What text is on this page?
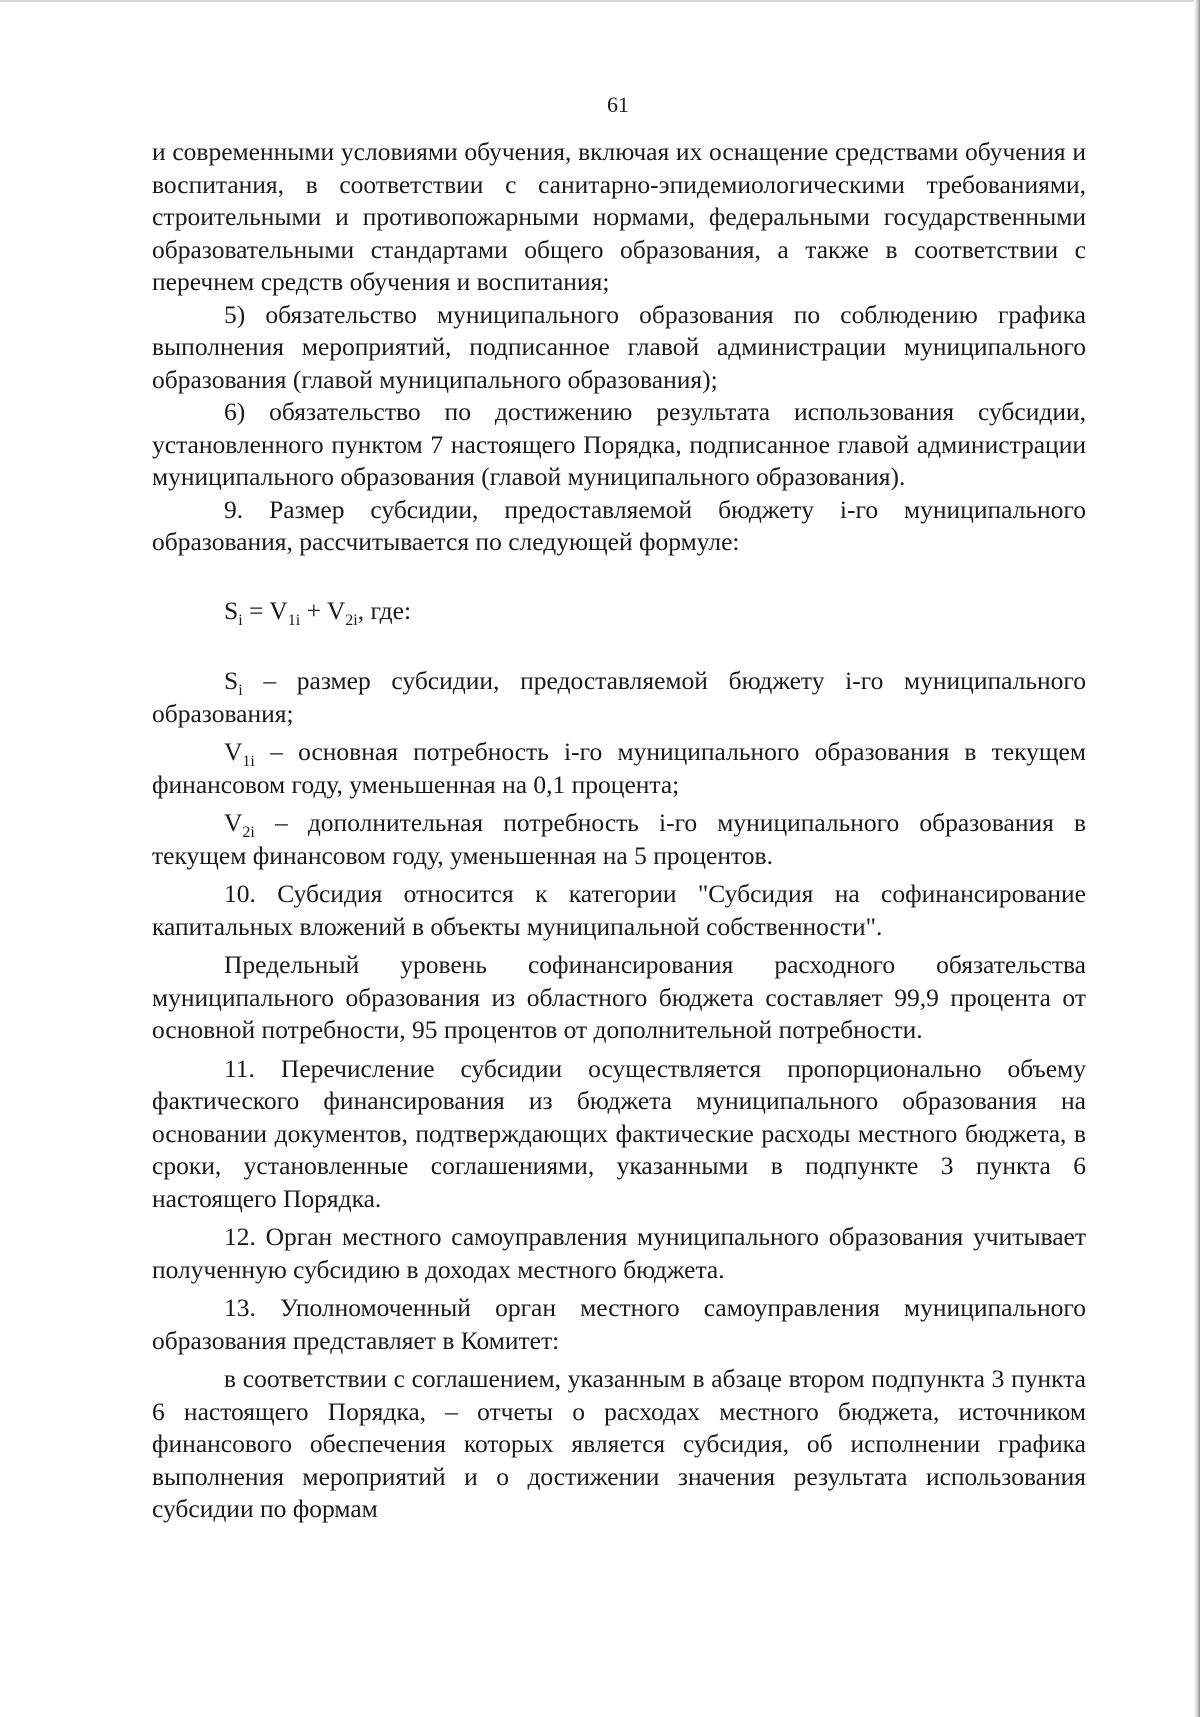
61

и современными условиями обучения, включая их оснащение средствами обучения и воспитания, в соответствии с санитарно-эпидемиологическими требованиями, строительными и противопожарными нормами, федеральными государственными образовательными стандартами общего образования, а также в соответствии с перечнем средств обучения и воспитания;

5) обязательство муниципального образования по соблюдению графика выполнения мероприятий, подписанное главой администрации муниципального образования (главой муниципального образования);

6) обязательство по достижению результата использования субсидии, установленного пунктом 7 настоящего Порядка, подписанное главой администрации муниципального образования (главой муниципального образования).

9. Размер субсидии, предоставляемой бюджету i-го муниципального образования, рассчитывается по следующей формуле:

$S_i = V_{1i} + V_{2i}$, где:

$S_i$ – размер субсидии, предоставляемой бюджету i-го муниципального образования;

$V_{1i}$ – основная потребность i-го муниципального образования в текущем финансовом году, уменьшенная на 0,1 процента;

$V_{2i}$ – дополнительная потребность i-го муниципального образования в текущем финансовом году, уменьшенная на 5 процентов.

10. Субсидия относится к категории "Субсидия на софинансирование капитальных вложений в объекты муниципальной собственности".

Предельный уровень софинансирования расходного обязательства муниципального образования из областного бюджета составляет 99,9 процента от основной потребности, 95 процентов от дополнительной потребности.

11. Перечисление субсидии осуществляется пропорционально объему фактического финансирования из бюджета муниципального образования на основании документов, подтверждающих фактические расходы местного бюджета, в сроки, установленные соглашениями, указанными в подпункте 3 пункта 6 настоящего Порядка.

12. Орган местного самоуправления муниципального образования учитывает полученную субсидию в доходах местного бюджета.

13. Уполномоченный орган местного самоуправления муниципального образования представляет в Комитет:

в соответствии с соглашением, указанным в абзаце втором подпункта 3 пункта 6 настоящего Порядка, – отчеты о расходах местного бюджета, источником финансового обеспечения которых является субсидия, об исполнении графика выполнения мероприятий и о достижении значения результата использования субсидии по формам
